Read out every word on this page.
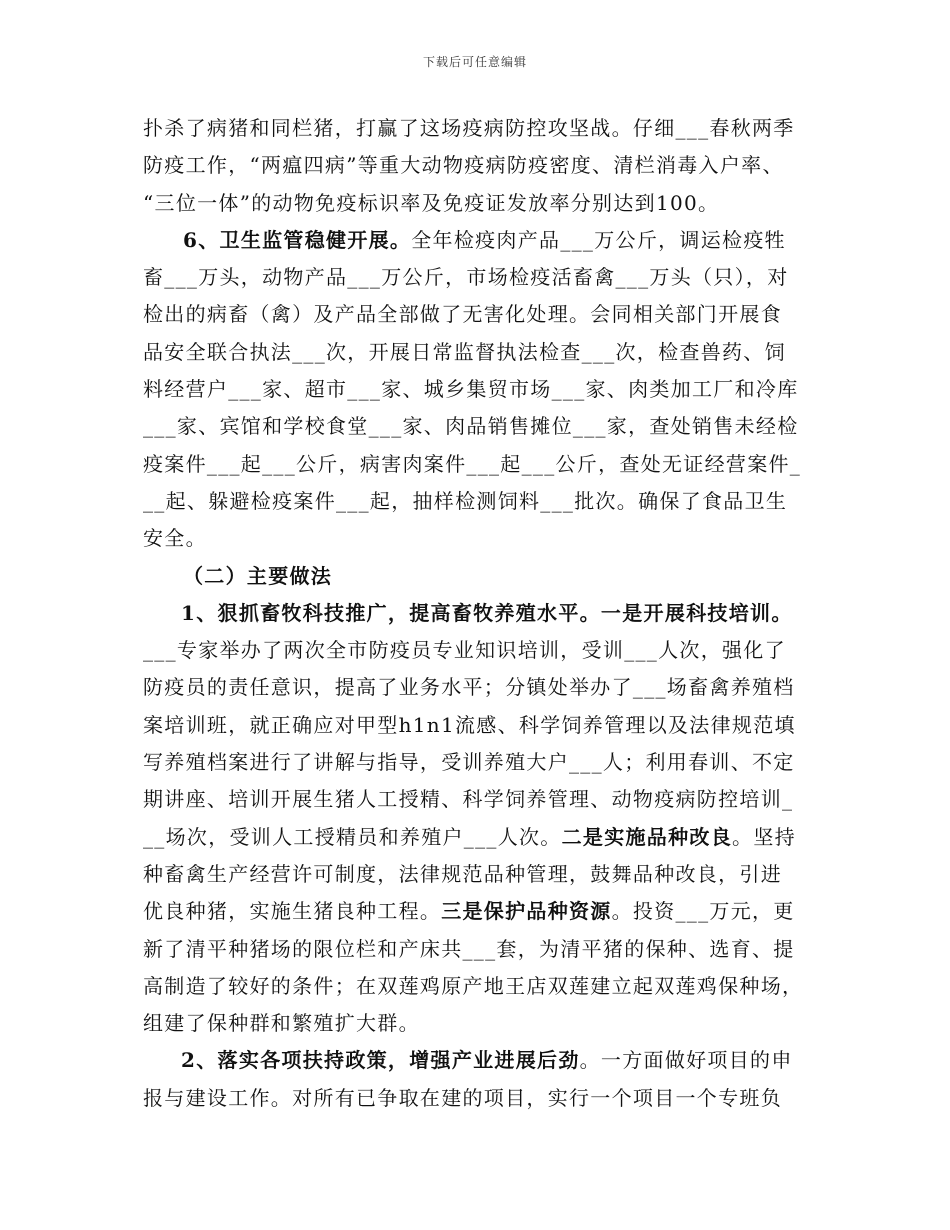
下载后可任意编辑
扑杀了病猪和同栏猪，打赢了这场疫病防控攻坚战。仔细___春秋两季
防疫工作，“两瘟四病”等重大动物疫病防疫密度、清栏消毒入户率、
“三位一体”的动物免疫标识率及免疫证发放率分别达到100。
6、卫生监管稳健开展。全年检疫肉产品___万公斤，调运检疫牲
畜___万头，动物产品___万公斤，市场检疫活畜禽___万头（只），对
检出的病畜（禽）及产品全部做了无害化处理。会同相关部门开展食
品安全联合执法___次，开展日常监督执法检查___次，检查兽药、饲
料经营户___家、超市___家、城乡集贸市场___家、肉类加工厂和冷库
___家、宾馆和学校食堂___家、肉品销售摊位___家，查处销售未经检
疫案件___起___公斤，病害肉案件___起___公斤，查处无证经营案件_
__起、躲避检疫案件___起，抽样检测饲料___批次。确保了食品卫生
安全。
（二）主要做法
1、狠抓畜牧科技推广，提高畜牧养殖水平。一是开展科技培训。
___专家举办了两次全市防疫员专业知识培训，受训___人次，强化了
防疫员的责任意识，提高了业务水平；分镇处举办了___场畜禽养殖档
案培训班，就正确应对甲型h1n1流感、科学饲养管理以及法律规范填
写养殖档案进行了讲解与指导，受训养殖大户___人；利用春训、不定
期讲座、培训开展生猪人工授精、科学饲养管理、动物疫病防控培训_
__场次，受训人工授精员和养殖户___人次。二是实施品种改良。坚持
种畜禽生产经营许可制度，法律规范品种管理，鼓舞品种改良，引进
优良种猪，实施生猪良种工程。三是保护品种资源。投资___万元，更
新了清平种猪场的限位栏和产床共___套，为清平猪的保种、选育、提
高制造了较好的条件；在双莲鸡原产地王店双莲建立起双莲鸡保种场，
组建了保种群和繁殖扩大群。
2、落实各项扶持政策，增强产业进展后劲。一方面做好项目的申
报与建设工作。对所有已争取在建的项目，实行一个项目一个专班负
